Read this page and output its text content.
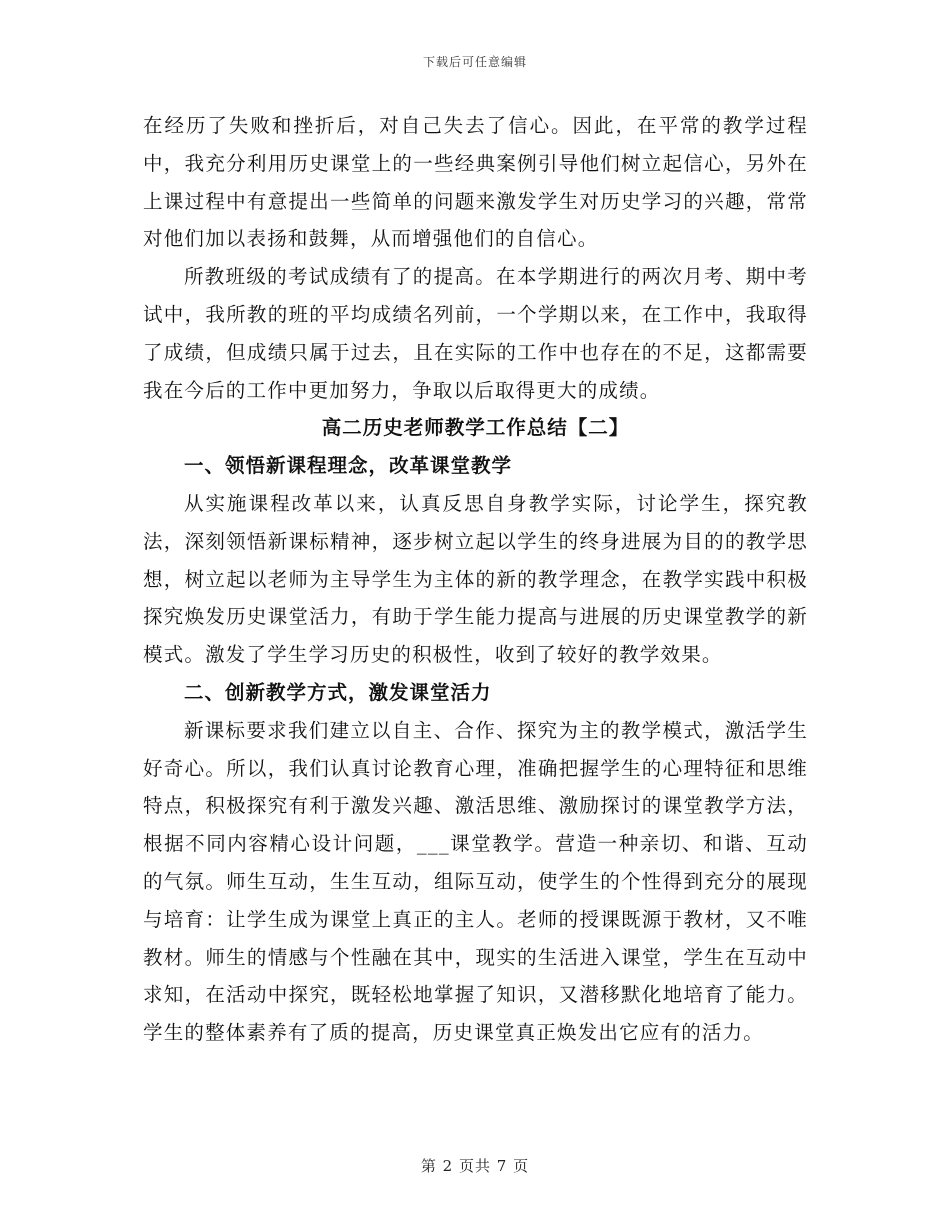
下载后可任意编辑

在经历了失败和挫折后，对自己失去了信心。因此，在平常的教学过程中，我充分利用历史课堂上的一些经典案例引导他们树立起信心，另外在上课过程中有意提出一些简单的问题来激发学生对历史学习的兴趣，常常对他们加以表扬和鼓舞，从而增强他们的自信心。

所教班级的考试成绩有了的提高。在本学期进行的两次月考、期中考试中，我所教的班的平均成绩名列前，一个学期以来，在工作中，我取得了成绩，但成绩只属于过去，且在实际的工作中也存在的不足，这都需要我在今后的工作中更加努力，争取以后取得更大的成绩。

高二历史老师教学工作总结【二】

一、领悟新课程理念，改革课堂教学

从实施课程改革以来，认真反思自身教学实际，讨论学生，探究教法，深刻领悟新课标精神，逐步树立起以学生的终身进展为目的的教学思想，树立起以老师为主导学生为主体的新的教学理念，在教学实践中积极探究焕发历史课堂活力，有助于学生能力提高与进展的历史课堂教学的新模式。激发了学生学习历史的积极性，收到了较好的教学效果。

二、创新教学方式，激发课堂活力

新课标要求我们建立以自主、合作、探究为主的教学模式，激活学生好奇心。所以，我们认真讨论教育心理，准确把握学生的心理特征和思维特点，积极探究有利于激发兴趣、激活思维、激励探讨的课堂教学方法，根据不同内容精心设计问题，___课堂教学。营造一种亲切、和谐、互动的气氛。师生互动，生生互动，组际互动，使学生的个性得到充分的展现与培育：让学生成为课堂上真正的主人。老师的授课既源于教材，又不唯教材。师生的情感与个性融在其中，现实的生活进入课堂，学生在互动中求知，在活动中探究，既轻松地掌握了知识，又潜移默化地培育了能力。学生的整体素养有了质的提高，历史课堂真正焕发出它应有的活力。

第 2 页共 7 页
